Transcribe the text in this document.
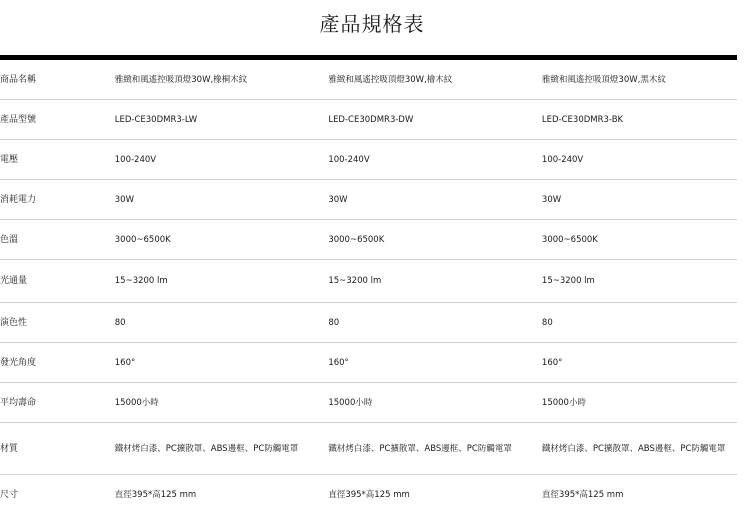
產品規格表
商品名稱	雅緻和風遙控吸頂燈30W,橡桐木紋	雅緻和風遙控吸頂燈30W,檜木紋	雅緻和風遙控吸頂燈30W,黑木紋
產品型號	LED-CE30DMR3-LW	LED-CE30DMR3-DW	LED-CE30DMR3-BK
電壓	100-240V	100-240V	100-240V
消耗電力	30W	30W	30W
色溫	3000~6500K	3000~6500K	3000~6500K
光通量	15~3200 lm	15~3200 lm	15~3200 lm
演色性	80	80	80
發光角度	160°	160°	160°
平均壽命	15000小時	15000小時	15000小時
材質	鐵材烤白漆、PC擴散罩、ABS邊框、PC防觸電罩	鐵材烤白漆、PC擴散罩、ABS邊框、PC防觸電罩	鐵材烤白漆、PC擴散罩、ABS邊框、PC防觸電罩
尺寸	直徑395*高125 mm	直徑395*高125 mm	直徑395*高125 mm
